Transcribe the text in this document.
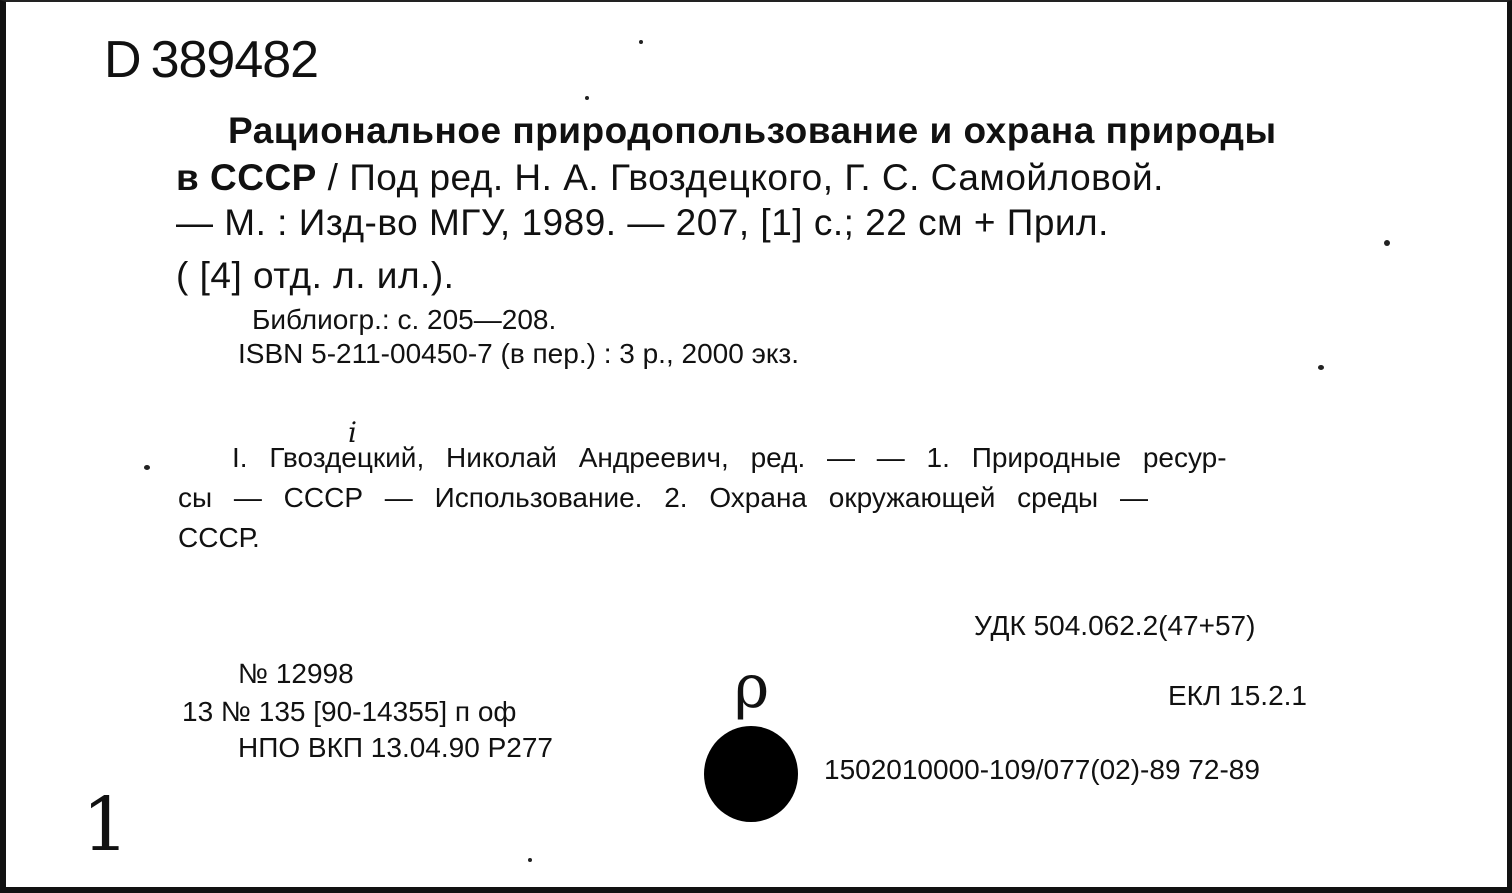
D 389482
Рациональное природопользование и охрана природы
в СССР / Под ред. Н. А. Гвоздецкого, Г. С. Самойловой.
— М. : Изд-во МГУ, 1989. — 207, [1] с.; 22 см + Прил.
( [4] отд. л. ил.).
Библиогр.: с. 205—208.
ISBN 5-211-00450-7 (в пер.) : 3 р., 2000 экз.
I. Гвоздецкий, Николай Андреевич, ред. — — 1. Природные ресур-
сы — СССР — Использование. 2. Охрана окружающей среды —
СССР.
УДК 504.062.2(47+57)
ЕКЛ 15.2.1
№ 12998
13 № 135 [90-14355] п оф
НПО ВКП 13.04.90 Р277
1502010000-109/077(02)-89 72-89
i
ρ
1
